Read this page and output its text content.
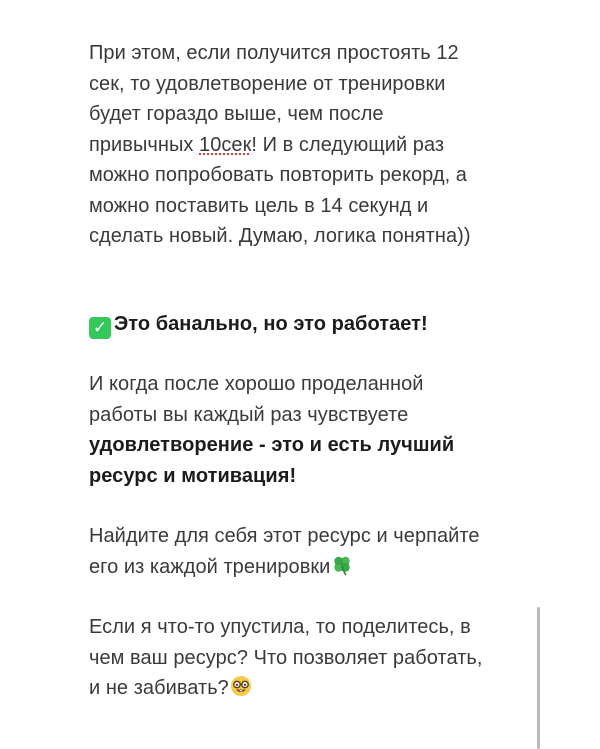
При этом, если получится простоять 12
сек, то удовлетворение от тренировки
будет гораздо выше, чем после
привычных 10сек! И в следующий раз
можно попробовать повторить рекорд, а
можно поставить цель в 14 секунд и
сделать новый. Думаю, логика понятна))
✓ Это банально, но это работает!
И когда после хорошо проделанной
работы вы каждый раз чувствуете
удовлетворение - это и есть лучший
ресурс и мотивация!
Найдите для себя этот ресурс и черпайте
его из каждой тренировки
Если я что-то упустила, то поделитесь, в
чем ваш ресурс? Что позволяет работать,
и не забивать?
